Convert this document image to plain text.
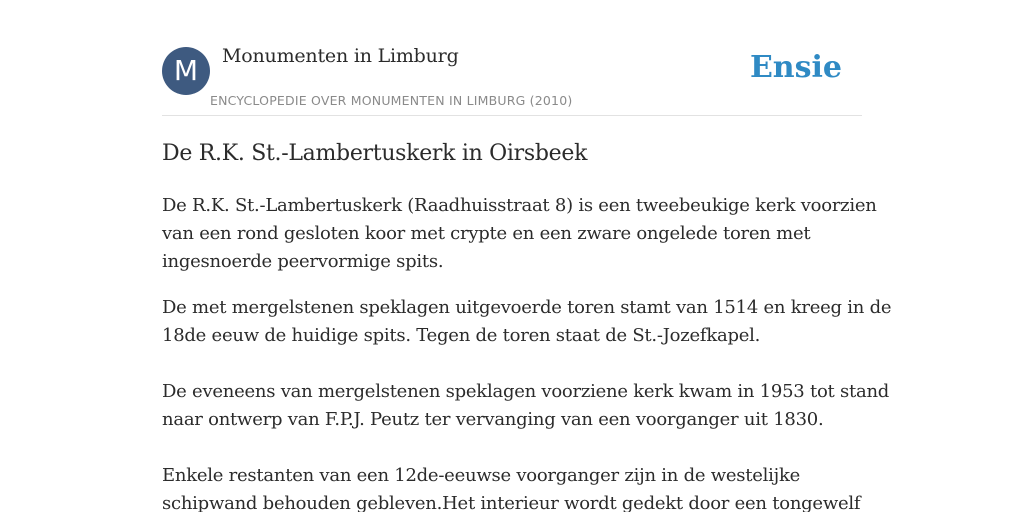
M	Monumenten in Limburg
ENCYCLOPEDIE OVER MONUMENTEN IN LIMBURG (2010)
Ensie
De R.K. St.-Lambertuskerk in Oirsbeek

De R.K. St.-Lambertuskerk (Raadhuisstraat 8) is een tweebeukige kerk voorzien
van een rond gesloten koor met crypte en een zware ongelede toren met
ingesnoerde peervormige spits.

De met mergelstenen speklagen uitgevoerde toren stamt van 1514 en kreeg in de
18de eeuw de huidige spits. Tegen de toren staat de St.-Jozefkapel.
De eveneens van mergelstenen speklagen voorziene kerk kwam in 1953 tot stand
naar ontwerp van F.P.J. Peutz ter vervanging van een voorganger uit 1830.
Enkele restanten van een 12de-eeuwse voorganger zijn in de westelijke
schipwand behouden gebleven.Het interieur wordt gedekt door een tongewelf
